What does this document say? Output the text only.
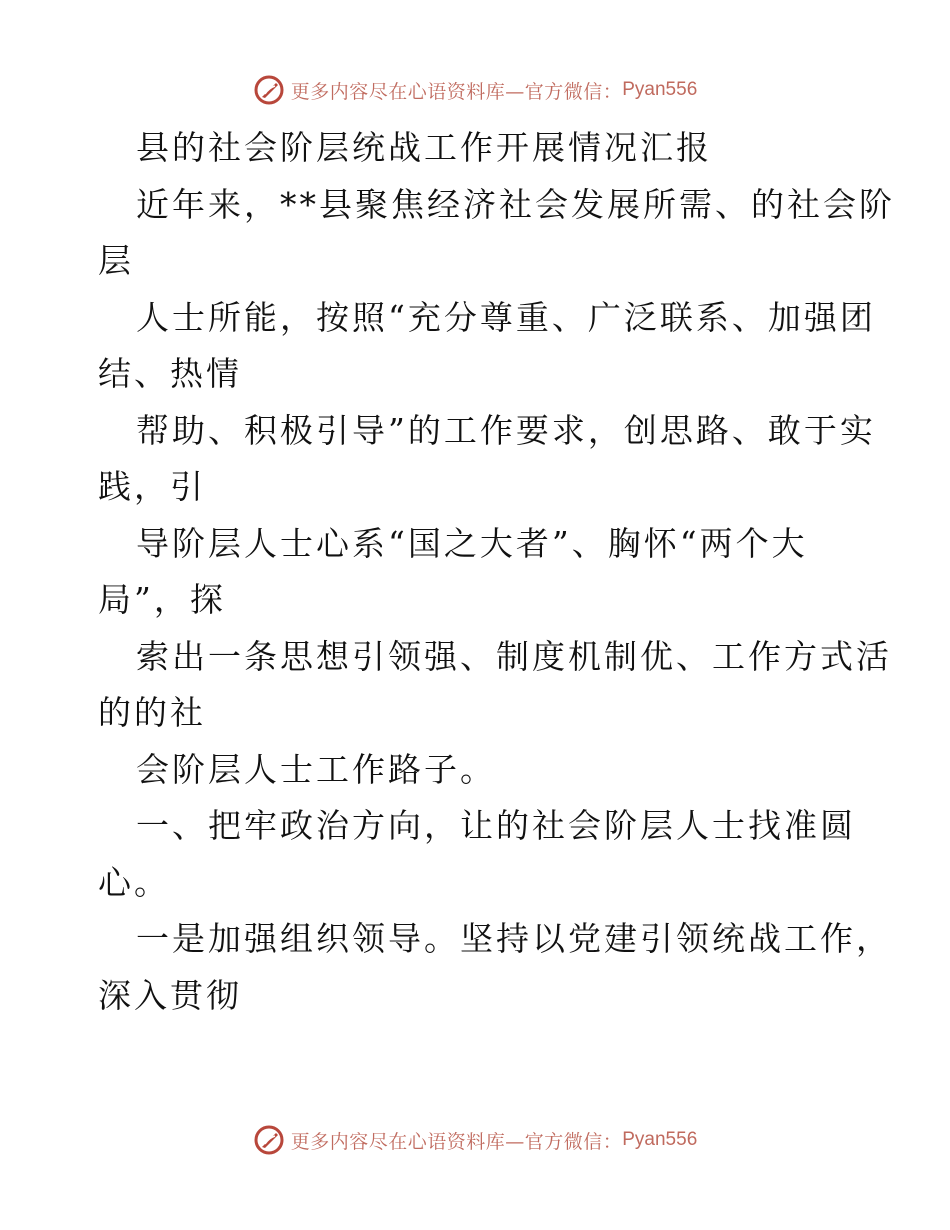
更多内容尽在心语资料库—官方微信： Pyan556
县的社会阶层统战工作开展情况汇报
近年来，**县聚焦经济社会发展所需、的社会阶
层
人士所能，按照“充分尊重、广泛联系、加强团
结、热情
帮助、积极引导”的工作要求，创思路、敢于实
践，引
导阶层人士心系“国之大者”、胸怀“两个大
局”，探
索出一条思想引领强、制度机制优、工作方式活
的的社
会阶层人士工作路子。
一、把牢政治方向，让的社会阶层人士找准圆
心。
一是加强组织领导。坚持以党建引领统战工作，
深入贯彻
更多内容尽在心语资料库—官方微信： Pyan556
